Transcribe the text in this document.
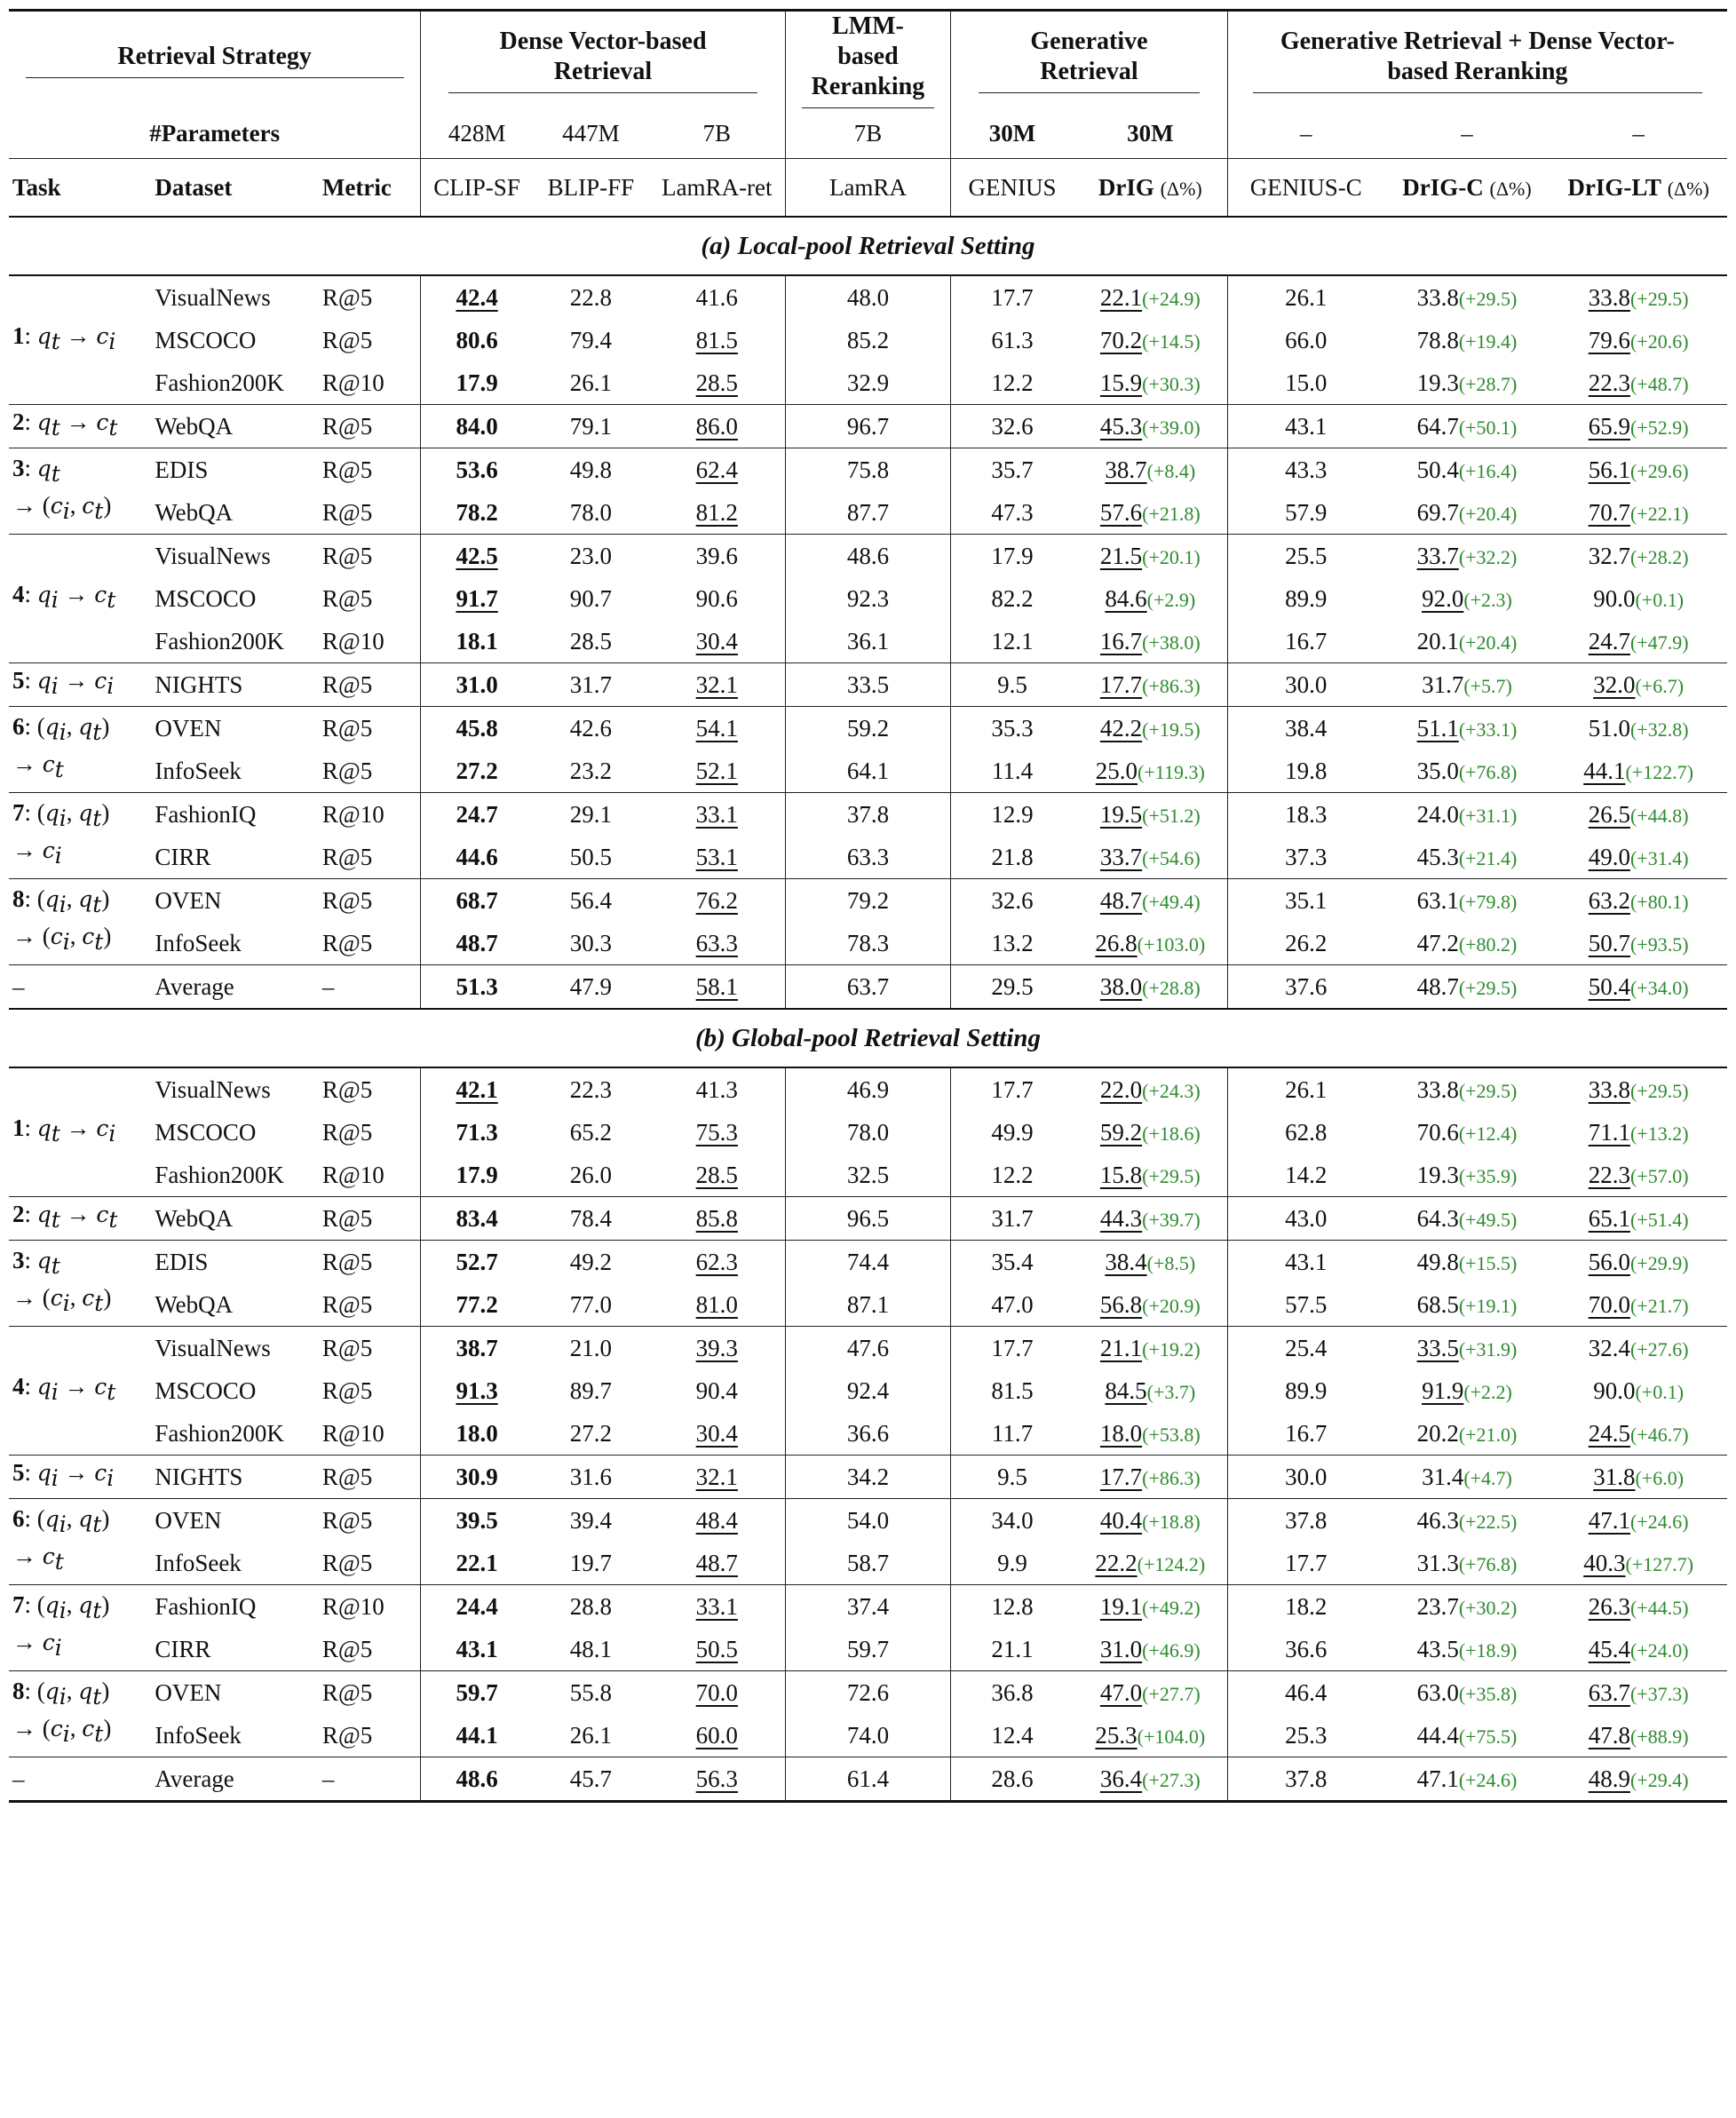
Retrieval Strategy			Dense Vector-based Retrieval			LMM-based Reranking	Generative Retrieval		Generative Retrieval + Dense Vector-based Reranking		
#Parameters			428M	447M	7B	7B	30M	30M	–	–	–
Task	Dataset	Metric	CLIP-SF	BLIP-FF	LamRA-ret	LamRA	GENIUS	DrIG (Δ%)	GENIUS-C	DrIG-C (Δ%)	DrIG-LT (Δ%)
(a) Local-pool Retrieval Setting											
1: $q_t \to c_i$	VisualNews	R@5	42.4	22.8	41.6	48.0	17.7	22.1(+24.9)	26.1	33.8(+29.5)	33.8(+29.5)
	MSCOCO	R@5	80.6	79.4	81.5	85.2	61.3	70.2(+14.5)	66.0	78.8(+19.4)	79.6(+20.6)
	Fashion200K	R@10	17.9	26.1	28.5	32.9	12.2	15.9(+30.3)	15.0	19.3(+28.7)	22.3(+48.7)
2: $q_t \to c_t$	WebQA	R@5	84.0	79.1	86.0	96.7	32.6	45.3(+39.0)	43.1	64.7(+50.1)	65.9(+52.9)
3: $q_t$
→ ($c_i$, $c_t$)	EDIS	R@5	53.6	49.8	62.4	75.8	35.7	38.7(+8.4)	43.3	50.4(+16.4)	56.1(+29.6)
	WebQA	R@5	78.2	78.0	81.2	87.7	47.3	57.6(+21.8)	57.9	69.7(+20.4)	70.7(+22.1)
4: $q_i \to c_t$	VisualNews	R@5	42.5	23.0	39.6	48.6	17.9	21.5(+20.1)	25.5	33.7(+32.2)	32.7(+28.2)
	MSCOCO	R@5	91.7	90.7	90.6	92.3	82.2	84.6(+2.9)	89.9	92.0(+2.3)	90.0(+0.1)
	Fashion200K	R@10	18.1	28.5	30.4	36.1	12.1	16.7(+38.0)	16.7	20.1(+20.4)	24.7(+47.9)
5: $q_i \to c_i$	NIGHTS	R@5	31.0	31.7	32.1	33.5	9.5	17.7(+86.3)	30.0	31.7(+5.7)	32.0(+6.7)
6: ($q_i$, $q_t$)
→ $c_t$	OVEN	R@5	45.8	42.6	54.1	59.2	35.3	42.2(+19.5)	38.4	51.1(+33.1)	51.0(+32.8)
	InfoSeek	R@5	27.2	23.2	52.1	64.1	11.4	25.0(+119.3)	19.8	35.0(+76.8)	44.1(+122.7)
7: ($q_i$, $q_t$)
→ $c_i$	FashionIQ	R@10	24.7	29.1	33.1	37.8	12.9	19.5(+51.2)	18.3	24.0(+31.1)	26.5(+44.8)
	CIRR	R@5	44.6	50.5	53.1	63.3	21.8	33.7(+54.6)	37.3	45.3(+21.4)	49.0(+31.4)
8: ($q_i$, $q_t$)
→ ($c_i$, $c_t$)	OVEN	R@5	68.7	56.4	76.2	79.2	32.6	48.7(+49.4)	35.1	63.1(+79.8)	63.2(+80.1)
	InfoSeek	R@5	48.7	30.3	63.3	78.3	13.2	26.8(+103.0)	26.2	47.2(+80.2)	50.7(+93.5)
–	Average	–	51.3	47.9	58.1	63.7	29.5	38.0(+28.8)	37.6	48.7(+29.5)	50.4(+34.0)
(b) Global-pool Retrieval Setting											
1: $q_t \to c_i$	VisualNews	R@5	42.1	22.3	41.3	46.9	17.7	22.0(+24.3)	26.1	33.8(+29.5)	33.8(+29.5)
	MSCOCO	R@5	71.3	65.2	75.3	78.0	49.9	59.2(+18.6)	62.8	70.6(+12.4)	71.1(+13.2)
	Fashion200K	R@10	17.9	26.0	28.5	32.5	12.2	15.8(+29.5)	14.2	19.3(+35.9)	22.3(+57.0)
2: $q_t \to c_t$	WebQA	R@5	83.4	78.4	85.8	96.5	31.7	44.3(+39.7)	43.0	64.3(+49.5)	65.1(+51.4)
3: $q_t$
→ ($c_i$, $c_t$)	EDIS	R@5	52.7	49.2	62.3	74.4	35.4	38.4(+8.5)	43.1	49.8(+15.5)	56.0(+29.9)
	WebQA	R@5	77.2	77.0	81.0	87.1	47.0	56.8(+20.9)	57.5	68.5(+19.1)	70.0(+21.7)
4: $q_i \to c_t$	VisualNews	R@5	38.7	21.0	39.3	47.6	17.7	21.1(+19.2)	25.4	33.5(+31.9)	32.4(+27.6)
	MSCOCO	R@5	91.3	89.7	90.4	92.4	81.5	84.5(+3.7)	89.9	91.9(+2.2)	90.0(+0.1)
	Fashion200K	R@10	18.0	27.2	30.4	36.6	11.7	18.0(+53.8)	16.7	20.2(+21.0)	24.5(+46.7)
5: $q_i \to c_i$	NIGHTS	R@5	30.9	31.6	32.1	34.2	9.5	17.7(+86.3)	30.0	31.4(+4.7)	31.8(+6.0)
6: ($q_i$, $q_t$)
→ $c_t$	OVEN	R@5	39.5	39.4	48.4	54.0	34.0	40.4(+18.8)	37.8	46.3(+22.5)	47.1(+24.6)
	InfoSeek	R@5	22.1	19.7	48.7	58.7	9.9	22.2(+124.2)	17.7	31.3(+76.8)	40.3(+127.7)
7: ($q_i$, $q_t$)
→ $c_i$	FashionIQ	R@10	24.4	28.8	33.1	37.4	12.8	19.1(+49.2)	18.2	23.7(+30.2)	26.3(+44.5)
	CIRR	R@5	43.1	48.1	50.5	59.7	21.1	31.0(+46.9)	36.6	43.5(+18.9)	45.4(+24.0)
8: ($q_i$, $q_t$)
→ ($c_i$, $c_t$)	OVEN	R@5	59.7	55.8	70.0	72.6	36.8	47.0(+27.7)	46.4	63.0(+35.8)	63.7(+37.3)
	InfoSeek	R@5	44.1	26.1	60.0	74.0	12.4	25.3(+104.0)	25.3	44.4(+75.5)	47.8(+88.9)
–	Average	–	48.6	45.7	56.3	61.4	28.6	36.4(+27.3)	37.8	47.1(+24.6)	48.9(+29.4)
